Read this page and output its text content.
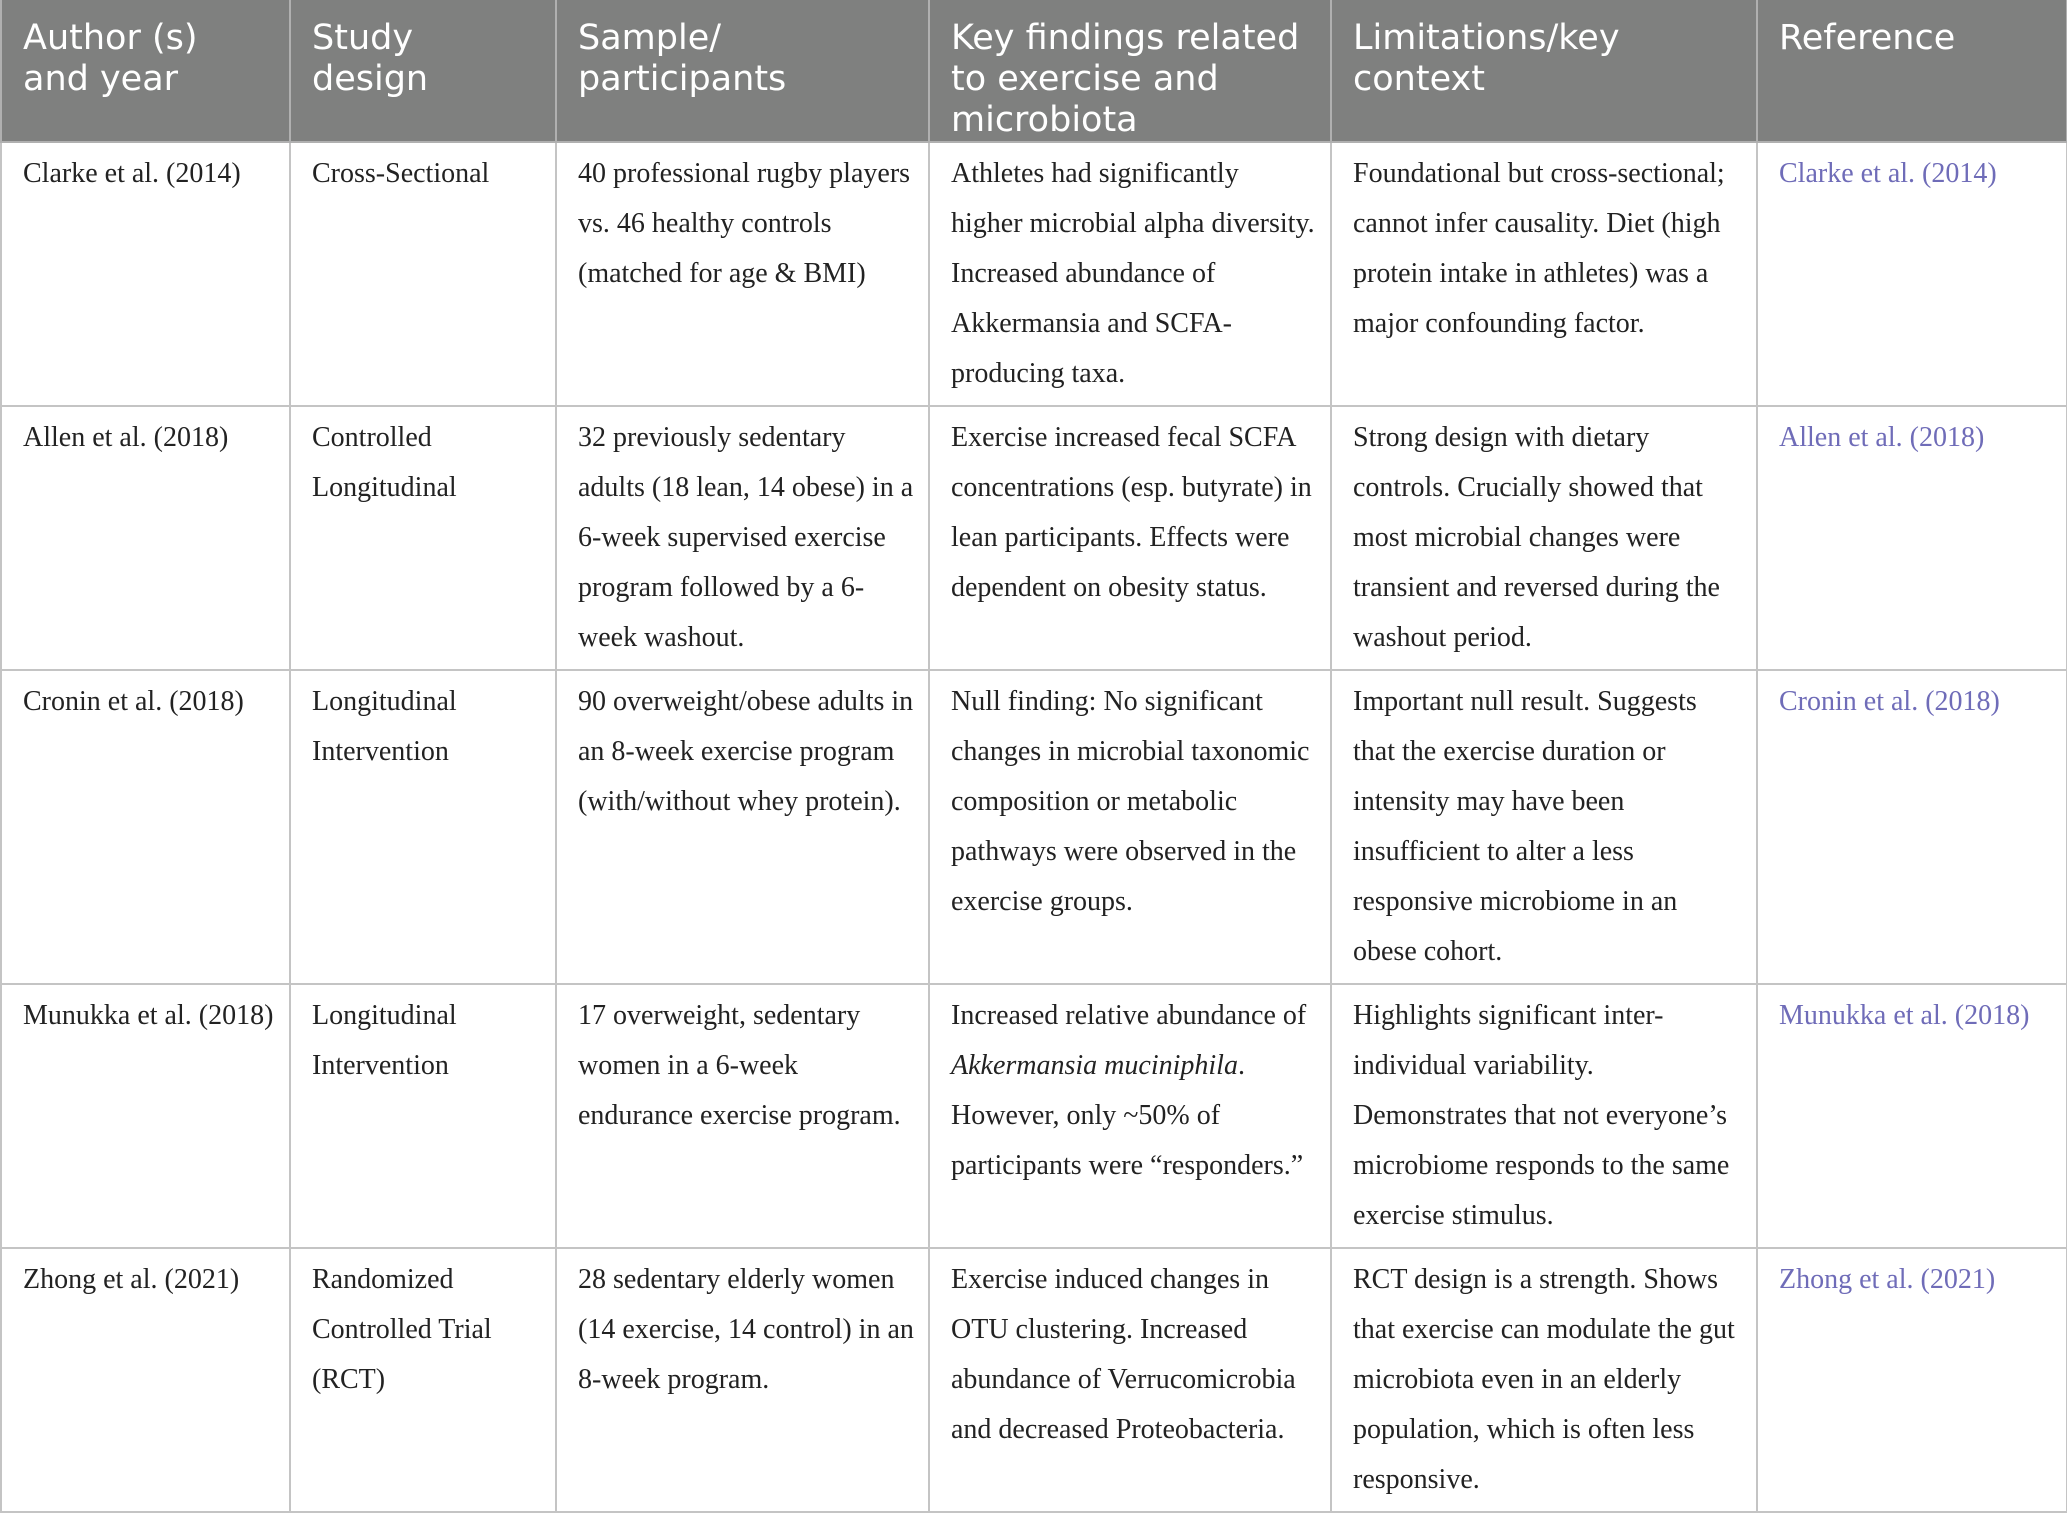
Author (s) and year	Study design	Sample/ participants	Key findings related to exercise and microbiota	Limitations/key context	Reference
Clarke et al. (2014)	Cross-Sectional	40 professional rugby players vs. 46 healthy controls (matched for age & BMI)	Athletes had significantly higher microbial alpha diversity. Increased abundance of Akkermansia and SCFA-producing taxa.	Foundational but cross-sectional; cannot infer causality. Diet (high protein intake in athletes) was a major confounding factor.	Clarke et al. (2014)
Allen et al. (2018)	Controlled Longitudinal	32 previously sedentary adults (18 lean, 14 obese) in a 6-week supervised exercise program followed by a 6-week washout.	Exercise increased fecal SCFA concentrations (esp. butyrate) in lean participants. Effects were dependent on obesity status.	Strong design with dietary controls. Crucially showed that most microbial changes were transient and reversed during the washout period.	Allen et al. (2018)
Cronin et al. (2018)	Longitudinal Intervention	90 overweight/obese adults in an 8-week exercise program (with/without whey protein).	Null finding: No significant changes in microbial taxonomic composition or metabolic pathways were observed in the exercise groups.	Important null result. Suggests that the exercise duration or intensity may have been insufficient to alter a less responsive microbiome in an obese cohort.	Cronin et al. (2018)
Munukka et al. (2018)	Longitudinal Intervention	17 overweight, sedentary women in a 6-week endurance exercise program.	Increased relative abundance of Akkermansia muciniphila. However, only ~50% of participants were “responders.”	Highlights significant inter-individual variability. Demonstrates that not everyone’s microbiome responds to the same exercise stimulus.	Munukka et al. (2018)
Zhong et al. (2021)	Randomized Controlled Trial (RCT)	28 sedentary elderly women (14 exercise, 14 control) in an 8-week program.	Exercise induced changes in OTU clustering. Increased abundance of Verrucomicrobia and decreased Proteobacteria.	RCT design is a strength. Shows that exercise can modulate the gut microbiota even in an elderly population, which is often less responsive.	Zhong et al. (2021)
